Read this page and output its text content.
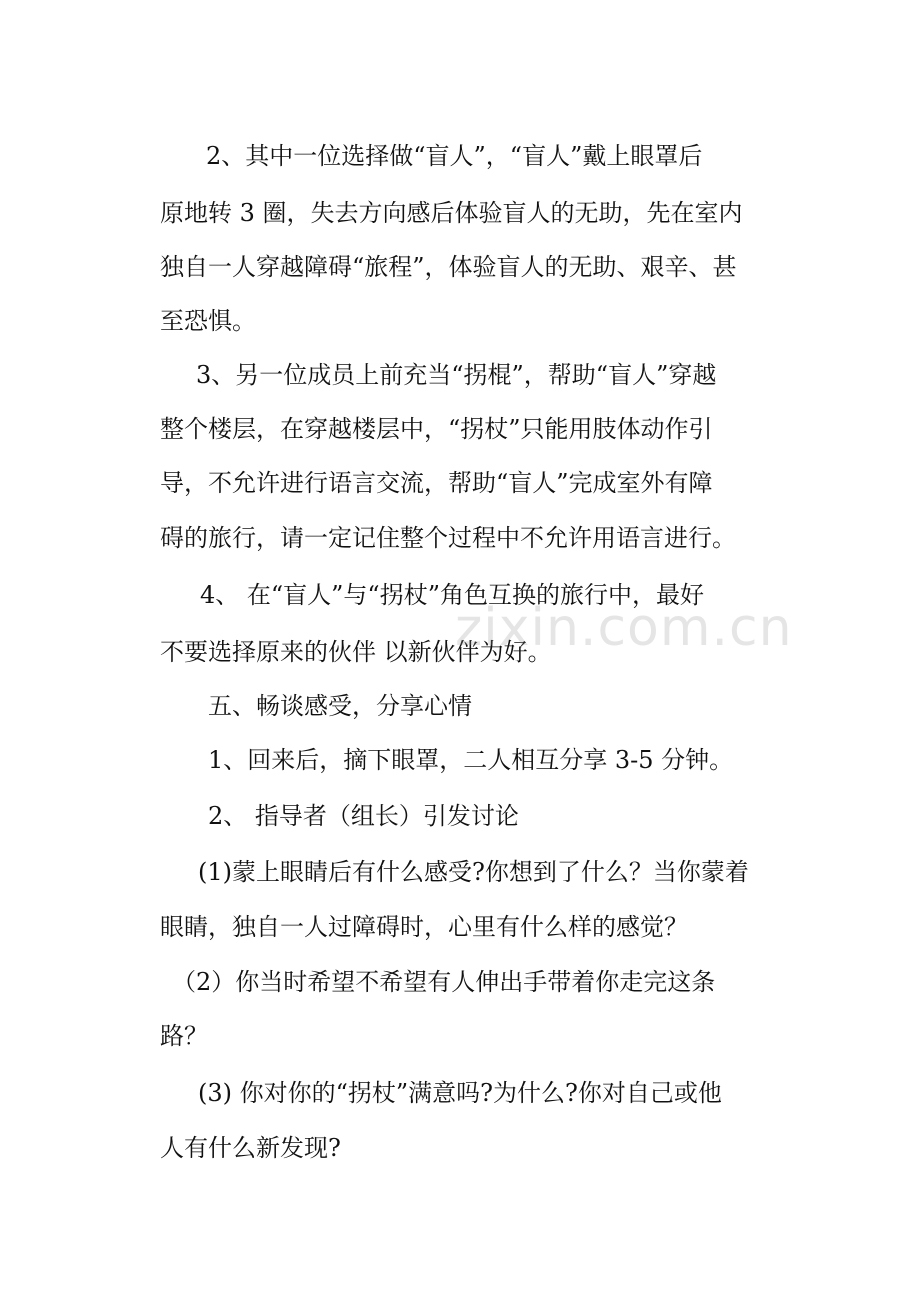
2、其中一位选择做“盲人”，“盲人”戴上眼罩后
原地转 3 圈，失去方向感后体验盲人的无助，先在室内
独自一人穿越障碍“旅程”，体验盲人的无助、艰辛、甚
至恐惧。
3、另一位成员上前充当“拐棍”，帮助“盲人”穿越
整个楼层，在穿越楼层中，“拐杖”只能用肢体动作引
导，不允许进行语言交流，帮助“盲人”完成室外有障
碍的旅行，请一定记住整个过程中不允许用语言进行。
4、 在“盲人”与“拐杖”角色互换的旅行中，最好
不要选择原来的伙伴 以新伙伴为好。
五、畅谈感受，分享心情
1、回来后，摘下眼罩，二人相互分享 3-5 分钟。
2、 指导者（组长）引发讨论
(1)蒙上眼睛后有什么感受?你想到了什么？当你蒙着
眼睛，独自一人过障碍时，心里有什么样的感觉？
（2）你当时希望不希望有人伸出手带着你走完这条
路？
(3) 你对你的“拐杖”满意吗?为什么?你对自己或他
人有什么新发现?
zixin.com.cn
